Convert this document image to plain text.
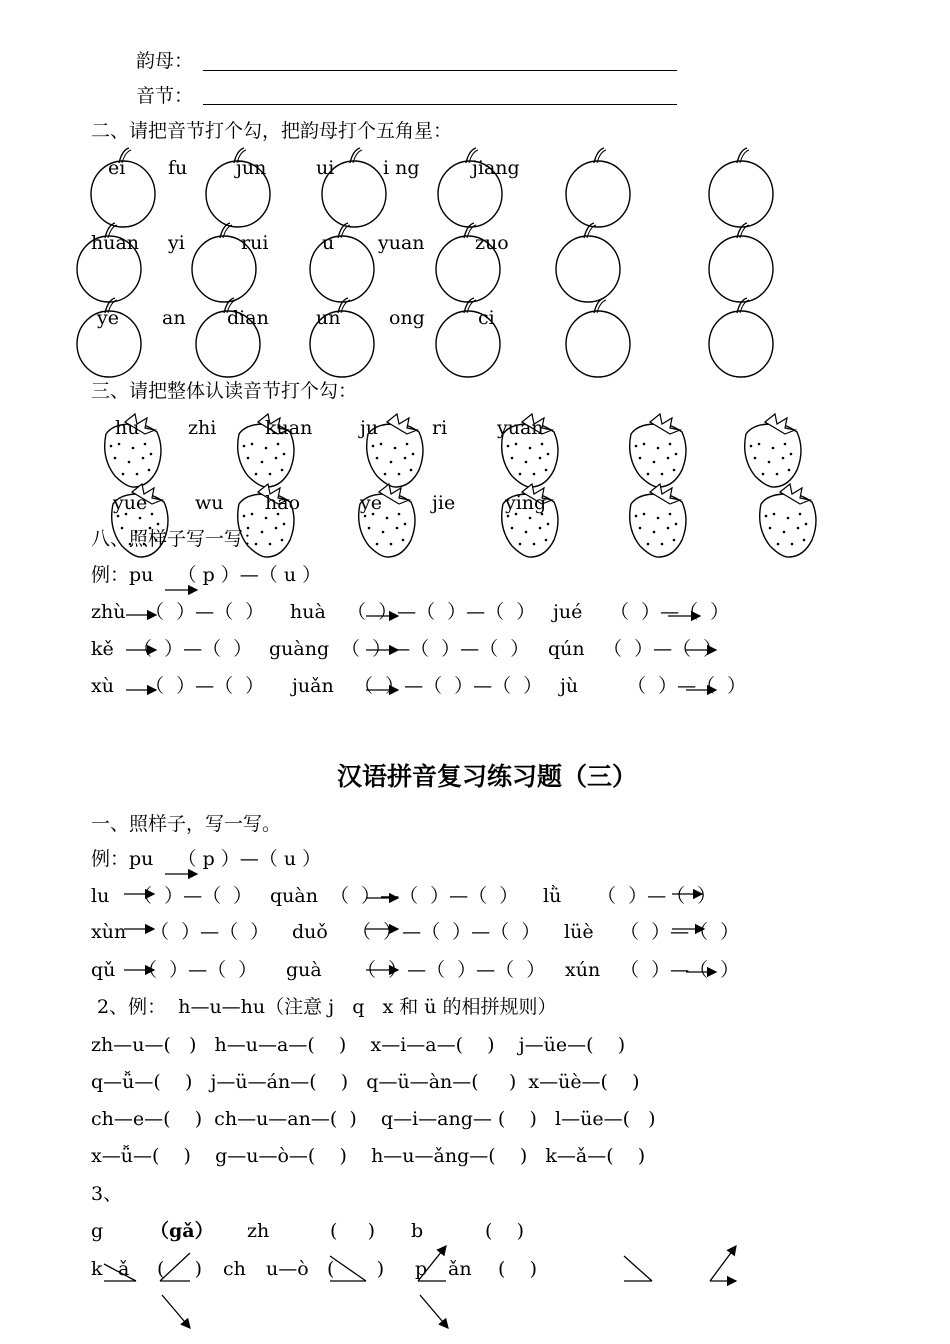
韵母：
音节：
二、请把音节打个勾，把韵母打个五角星：
ei fu	jun	ui	i ng	jiang
huan yi	rui	u yuan	zuo
ye an dian un	ong	ci
三、请把整体认读音节打个勾：
hu	zhi	kuan	ju	ri	yuan
yue	wu hao	ye	jie	ying
八、照样子写一写：
例：pu    （ p ）—（ u ）
zhù （  ）—（  ） huà （  ）—（  ）—（  ） jué （  ）—（  ）
kě （  ）—（  ） guàng （  ）—（  ）—（  ） qún （  ）—（  ）
xù （  ）—（  ） juǎn （  ）—（  ）—（  ） jù	（  ）—（  ）
汉语拼音复习练习题（三）
一、照样子，写一写。
例：pu    （ p ）—（ u ）
lu （  ）—（  ） quàn （  ）—（  ）—（  ） lǜ （  ）—（  ）
xùn （  ）—（  ） duǒ （  ）—（  ）—（  ） lüè （  ）—（  ）
qǔ （  ）—（  ） guà （  ）—（  ）—（  ） xún （  ）—（  ）
2、例：  h—u—hu（注意 j   q   x 和 ü 的相拼规则）
zh—u—(   )   h—u—a—(    )    x—i—a—(    )    j—üe—(    )
q—ǚ—(    )   j—ü—án—(    )   q—ü—àn—(     )  x—üè—(    )
ch—e—(    )  ch—u—an—(  )    q—i—ang— (    )   l—üe—(   )
x—ǚ—(    )    g—u—ò—(    )    h—u—ǎng—(    )   k—ǎ—(    )
3、
g （gǎ） zh	(     ) b	(    )
k ǎ (     ) ch u—ò (       ) p ǎn (    )
